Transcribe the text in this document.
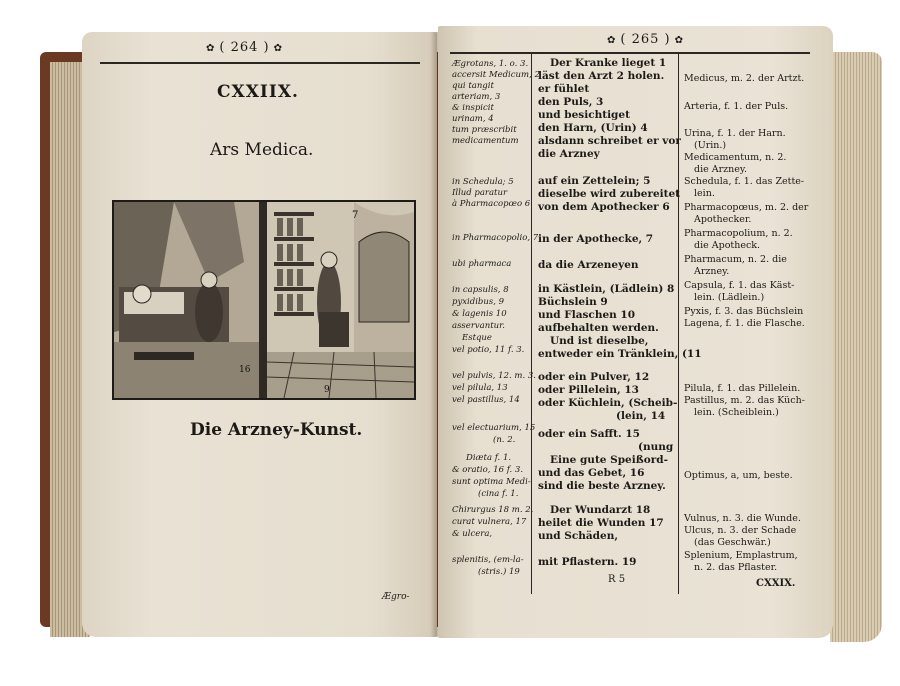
✿ ( 264 ) ✿
CXXIIX.
Ars Medica.
7
16
9
Die Arzney-Kunst.
Ægro-
✿ ( 265 ) ✿
Ægrotans, 1. o. 3.
accersit Medicum, 2
qui tangit
arteriam, 3
& inspicit
urinam, 4
tum præscribit
medicamentum
in Schedula; 5
Illud paratur
à Pharmacopœo 6
in Pharmacopolio, 7
ubi pharmaca
in capsulis, 8
pyxidibus, 9
& lagenis 10
asservantur.
Estque
vel potio, 11 f. 3.
vel pulvis, 12. m. 3.
vel pilula, 13
vel pastillus, 14
vel electuarium, 15
(n. 2.
Diæta f. 1.
& oratio, 16 f. 3.
sunt optima Medi-
(cina f. 1.
Chirurgus 18 m. 2.
curat vulnera, 17
& ulcera,
splenitis, (em-la-
(stris.) 19
Der Kranke lieget 1
läst den Arzt 2 holen.
er fühlet
den Puls, 3
und besichtiget
den Harn, (Urin) 4
alsdann schreibet er vor
die Arzney
auf ein Zettelein; 5
dieselbe wird zubereitet
von dem Apothecker 6
in der Apothecke, 7
da die Arzeneyen
in Kästlein, (Lädlein) 8
Büchslein 9
und Flaschen 10
aufbehalten werden.
Und ist dieselbe,
entweder ein Tränklein, (11
oder ein Pulver, 12
oder Pillelein, 13
oder Küchlein, (Scheib-
(lein, 14
oder ein Safft. 15
(nung
Eine gute Speißord-
und das Gebet, 16
sind die beste Arzney.
Der Wundarzt 18
heilet die Wunden 17
und Schäden,
mit Pflastern. 19
Medicus, m. 2. der Artzt.
Arteria, f. 1. der Puls.
Urina, f. 1. der Harn.
(Urin.)
Medicamentum, n. 2.
die Arzney.
Schedula, f. 1. das Zette-
lein.
Pharmacopœus, m. 2. der
Apothecker.
Pharmacopolium, n. 2.
die Apotheck.
Pharmacum, n. 2. die
Arzney.
Capsula, f. 1. das Käst-
lein. (Lädlein.)
Pyxis, f. 3. das Büchslein
Lagena, f. 1. die Flasche.
Pilula, f. 1. das Pillelein.
Pastillus, m. 2. das Küch-
lein. (Scheiblein.)
Optimus, a, um, beste.
Vulnus, n. 3. die Wunde.
Ulcus, n. 3. der Schade
(das Geschwär.)
Splenium, Emplastrum,
n. 2. das Pflaster.
R 5	CXXIX.
